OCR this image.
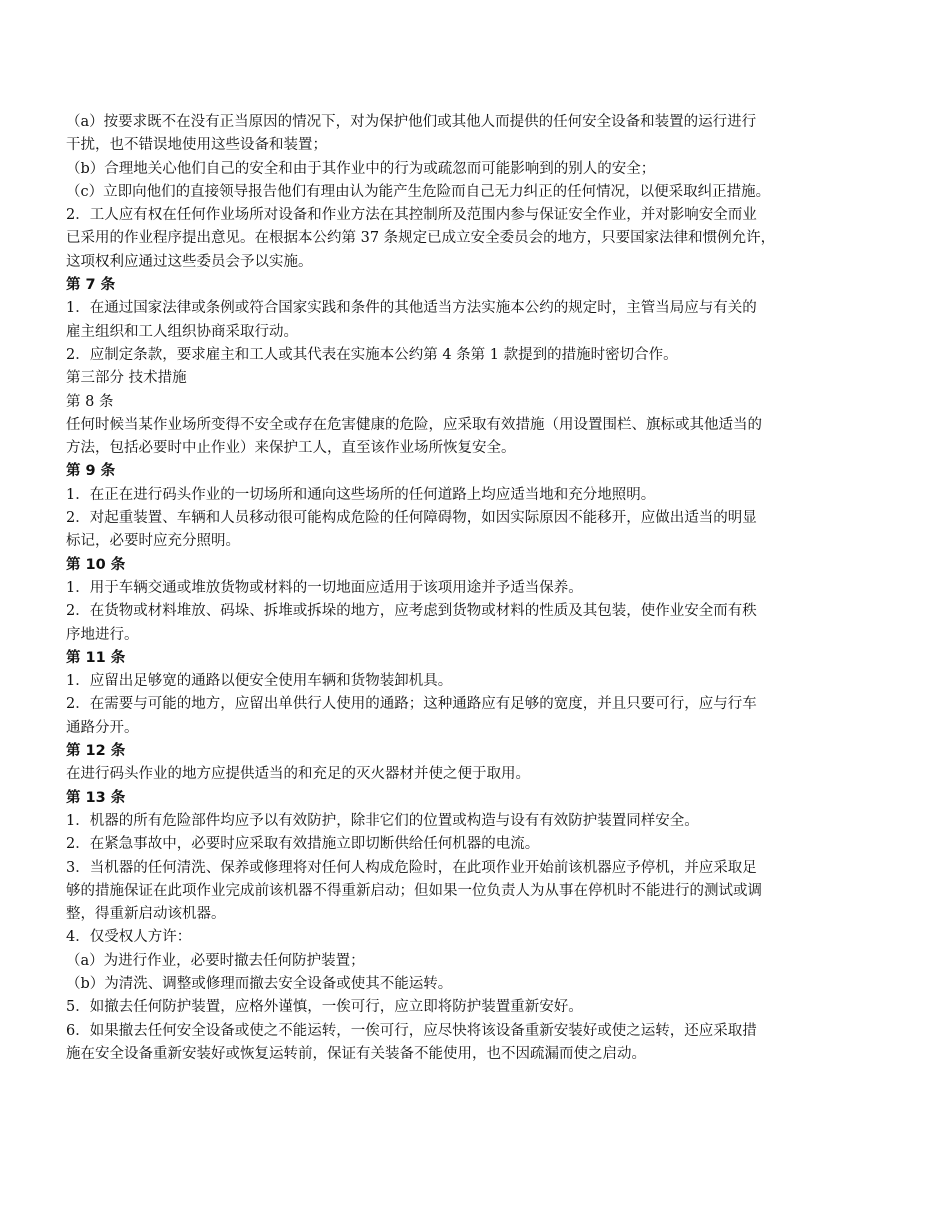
（a）按要求既不在没有正当原因的情况下，对为保护他们或其他人而提供的任何安全设备和装置的运行进行
干扰，也不错误地使用这些设备和装置；
（b）合理地关心他们自己的安全和由于其作业中的行为或疏忽而可能影响到的别人的安全；
（c）立即向他们的直接领导报告他们有理由认为能产生危险而自己无力纠正的任何情况，以便采取纠正措施。
2．工人应有权在任何作业场所对设备和作业方法在其控制所及范围内参与保证安全作业，并对影响安全而业
已采用的作业程序提出意见。在根据本公约第 37 条规定已成立安全委员会的地方，只要国家法律和惯例允许，
这项权利应通过这些委员会予以实施。
第 7 条
1．在通过国家法律或条例或符合国家实践和条件的其他适当方法实施本公约的规定时，主管当局应与有关的
雇主组织和工人组织协商采取行动。
2．应制定条款，要求雇主和工人或其代表在实施本公约第 4 条第 1 款提到的措施时密切合作。
第三部分 技术措施
第 8 条
任何时候当某作业场所变得不安全或存在危害健康的危险，应采取有效措施（用设置围栏、旗标或其他适当的
方法，包括必要时中止作业）来保护工人，直至该作业场所恢复安全。
第 9 条
1．在正在进行码头作业的一切场所和通向这些场所的任何道路上均应适当地和充分地照明。
2．对起重装置、车辆和人员移动很可能构成危险的任何障碍物，如因实际原因不能移开，应做出适当的明显
标记，必要时应充分照明。
第 10 条
1．用于车辆交通或堆放货物或材料的一切地面应适用于该项用途并予适当保养。
2．在货物或材料堆放、码垛、拆堆或拆垛的地方，应考虑到货物或材料的性质及其包装，使作业安全而有秩
序地进行。
第 11 条
1．应留出足够宽的通路以便安全使用车辆和货物装卸机具。
2．在需要与可能的地方，应留出单供行人使用的通路；这种通路应有足够的宽度，并且只要可行，应与行车
通路分开。
第 12 条
在进行码头作业的地方应提供适当的和充足的灭火器材并使之便于取用。
第 13 条
1．机器的所有危险部件均应予以有效防护，除非它们的位置或构造与设有有效防护装置同样安全。
2．在紧急事故中，必要时应采取有效措施立即切断供给任何机器的电流。
3．当机器的任何清洗、保养或修理将对任何人构成危险时，在此项作业开始前该机器应予停机，并应采取足
够的措施保证在此项作业完成前该机器不得重新启动；但如果一位负责人为从事在停机时不能进行的测试或调
整，得重新启动该机器。
4．仅受权人方许：
（a）为进行作业，必要时撤去任何防护装置；
（b）为清洗、调整或修理而撤去安全设备或使其不能运转。
5．如撤去任何防护装置，应格外谨慎，一俟可行，应立即将防护装置重新安好。
6．如果撤去任何安全设备或使之不能运转，一俟可行，应尽快将该设备重新安装好或使之运转，还应采取措
施在安全设备重新安装好或恢复运转前，保证有关装备不能使用，也不因疏漏而使之启动。
